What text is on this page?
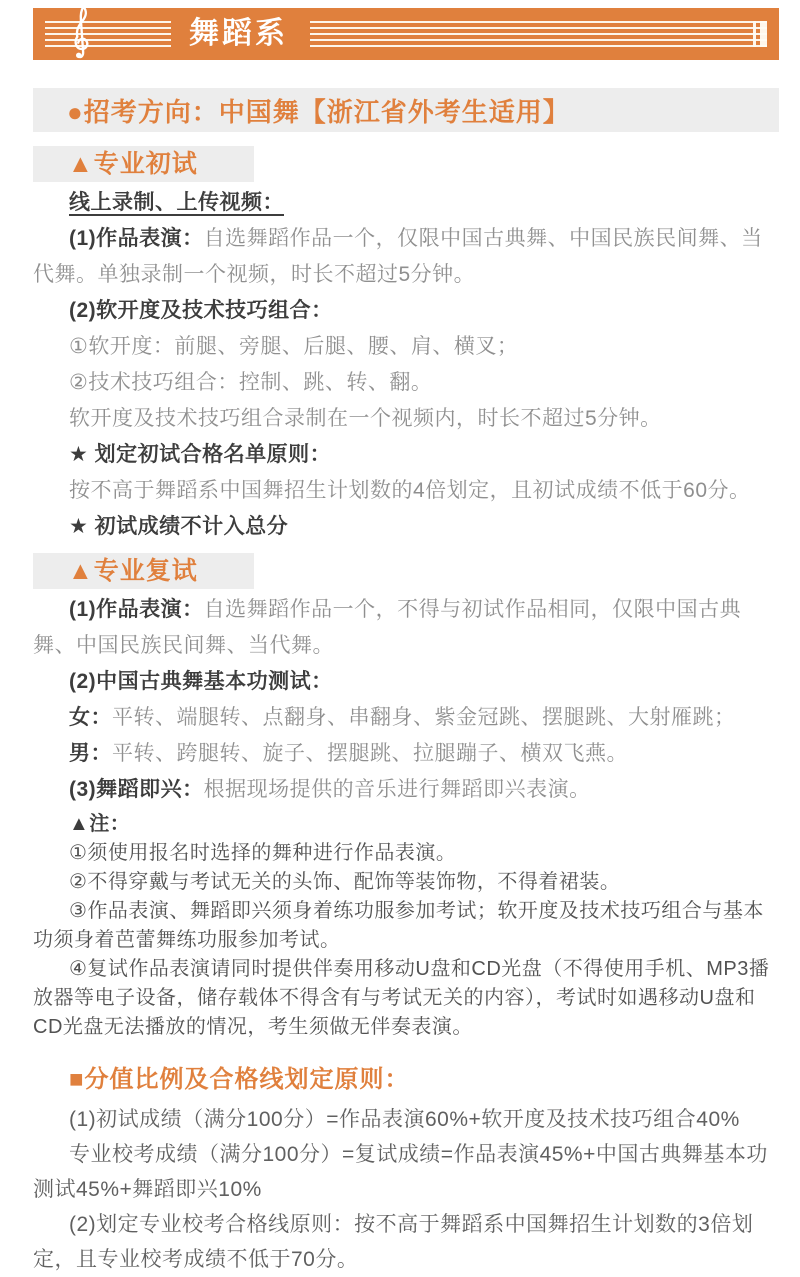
舞蹈系
●招考方向：中国舞【浙江省外考生适用】
▲专业初试

线上录制、上传视频：

(1)作品表演：自选舞蹈作品一个，仅限中国古典舞、中国民族民间舞、当代舞。单独录制一个视频，时长不超过5分钟。

(2)软开度及技术技巧组合：

①软开度：前腿、旁腿、后腿、腰、肩、横叉；

②技术技巧组合：控制、跳、转、翻。

软开度及技术技巧组合录制在一个视频内，时长不超过5分钟。

★ 划定初试合格名单原则：

按不高于舞蹈系中国舞招生计划数的4倍划定，且初试成绩不低于60分。

★ 初试成绩不计入总分

▲专业复试

(1)作品表演：自选舞蹈作品一个，不得与初试作品相同，仅限中国古典舞、中国民族民间舞、当代舞。

(2)中国古典舞基本功测试：

女：平转、端腿转、点翻身、串翻身、紫金冠跳、摆腿跳、大射雁跳；

男：平转、跨腿转、旋子、摆腿跳、拉腿蹦子、横双飞燕。

(3)舞蹈即兴：根据现场提供的音乐进行舞蹈即兴表演。

▲注：

①须使用报名时选择的舞种进行作品表演。

②不得穿戴与考试无关的头饰、配饰等装饰物，不得着裙装。

③作品表演、舞蹈即兴须身着练功服参加考试；软开度及技术技巧组合与基本功须身着芭蕾舞练功服参加考试。

④复试作品表演请同时提供伴奏用移动U盘和CD光盘（不得使用手机、MP3播放器等电子设备，储存载体不得含有与考试无关的内容），考试时如遇移动U盘和CD光盘无法播放的情况，考生须做无伴奏表演。

■分值比例及合格线划定原则：

(1)初试成绩（满分100分）=作品表演60%+软开度及技术技巧组合40%

专业校考成绩（满分100分）=复试成绩=作品表演45%+中国古典舞基本功测试45%+舞蹈即兴10%

(2)划定专业校考合格线原则：按不高于舞蹈系中国舞招生计划数的3倍划定，且专业校考成绩不低于70分。
